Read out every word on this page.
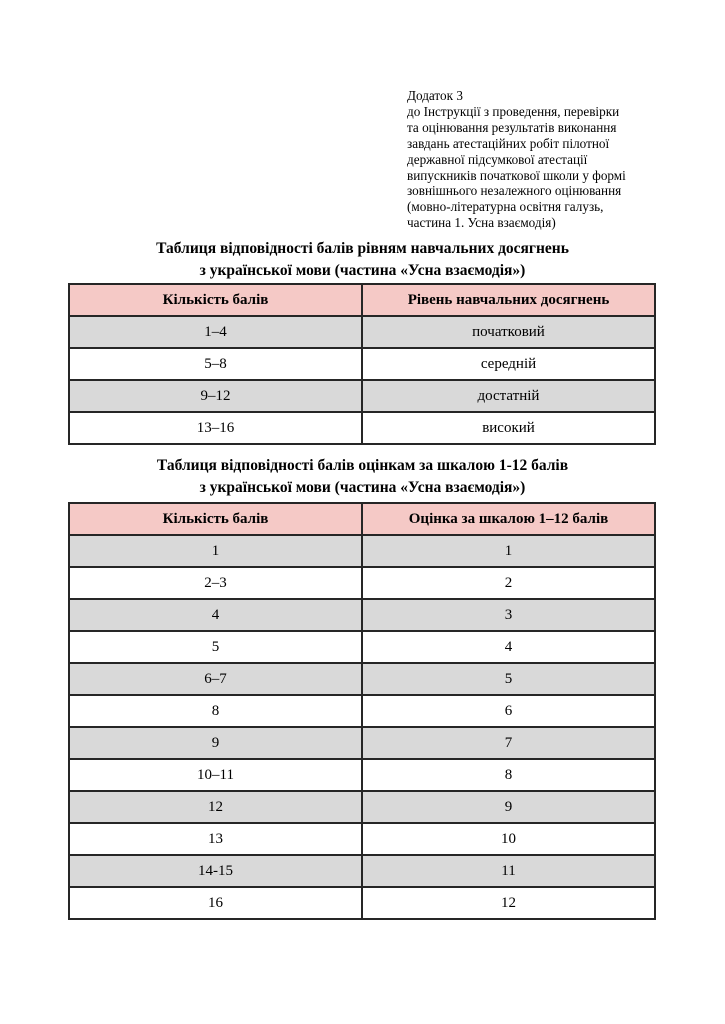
Додаток 3
до Інструкції з проведення, перевірки
та оцінювання результатів виконання
завдань атестаційних робіт пілотної
державної підсумкової атестації
випускників початкової школи у формі
зовнішнього незалежного оцінювання
(мовно-літературна освітня галузь,
частина 1. Усна взаємодія)
Таблиця відповідності балів рівням навчальних досягнень
з української мови (частина «Усна взаємодія»)
Кількість балів	Рівень навчальних досягнень
1–4	початковий
5–8	середній
9–12	достатній
13–16	високий
Таблиця відповідності балів оцінкам за шкалою 1-12 балів
з української мови (частина «Усна взаємодія»)
Кількість балів	Оцінка за шкалою 1–12 балів
1	1
2–3	2
4	3
5	4
6–7	5
8	6
9	7
10–11	8
12	9
13	10
14-15	11
16	12
